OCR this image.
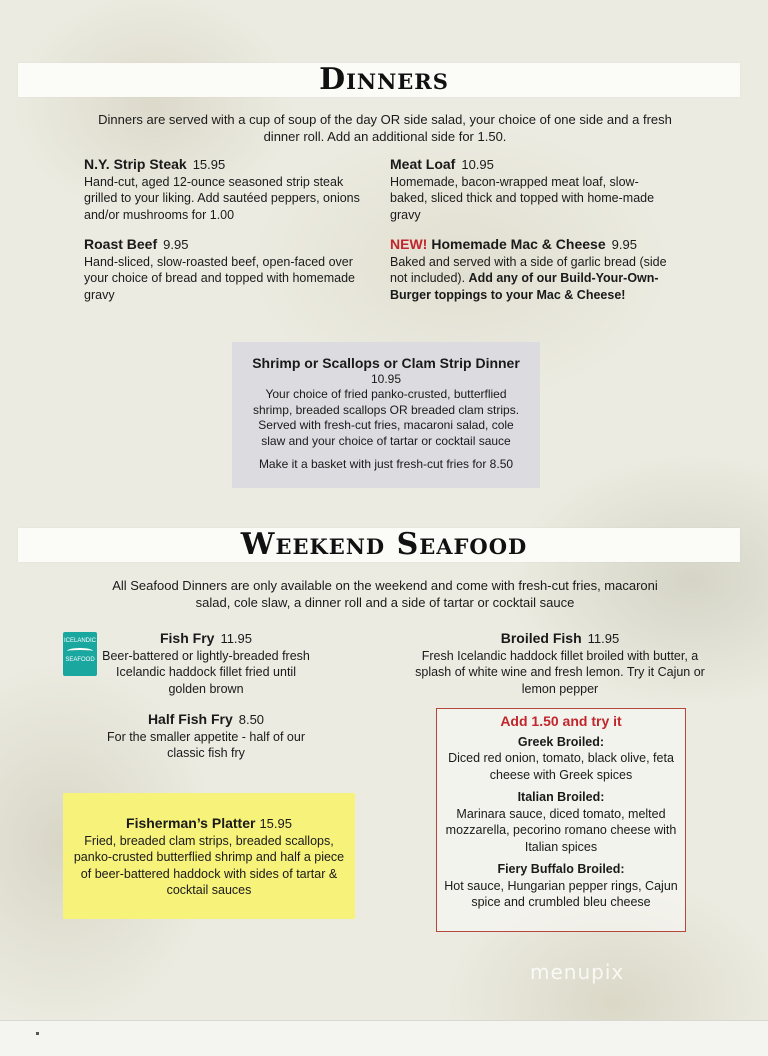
Dinners
Dinners are served with a cup of soup of the day OR side salad, your choice of one side and a fresh dinner roll. Add an additional side for 1.50.
N.Y. Strip Steak 15.95
Hand-cut, aged 12-ounce seasoned strip steak grilled to your liking. Add sautéed peppers, onions and/or mushrooms for 1.00
Meat Loaf 10.95
Homemade, bacon-wrapped meat loaf, slow-baked, sliced thick and topped with home-made gravy
Roast Beef 9.95
Hand-sliced, slow-roasted beef, open-faced over your choice of bread and topped with homemade gravy
NEW! Homemade Mac & Cheese 9.95
Baked and served with a side of garlic bread (side not included). Add any of our Build-Your-Own-Burger toppings to your Mac & Cheese!
Shrimp or Scallops or Clam Strip Dinner
10.95
Your choice of fried panko-crusted, butterflied shrimp, breaded scallops OR breaded clam strips. Served with fresh-cut fries, macaroni salad, cole slaw and your choice of tartar or cocktail sauce
Make it a basket with just fresh-cut fries for 8.50
Weekend Seafood
All Seafood Dinners are only available on the weekend and come with fresh-cut fries, macaroni salad, cole slaw, a dinner roll and a side of tartar or cocktail sauce
ICELANDIC
SEAFOOD
Fish Fry 11.95
Beer-battered or lightly-breaded fresh Icelandic haddock fillet fried until golden brown
Half Fish Fry 8.50
For the smaller appetite - half of our classic fish fry
Broiled Fish 11.95
Fresh Icelandic haddock fillet broiled with butter, a splash of white wine and fresh lemon. Try it Cajun or lemon pepper
Add 1.50 and try it
Greek Broiled:
Diced red onion, tomato, black olive, feta cheese with Greek spices
Italian Broiled:
Marinara sauce, diced tomato, melted mozzarella, pecorino romano cheese with Italian spices
Fiery Buffalo Broiled:
Hot sauce, Hungarian pepper rings, Cajun spice and crumbled bleu cheese
Fisherman’s Platter 15.95
Fried, breaded clam strips, breaded scallops, panko-crusted butterflied shrimp and half a piece of beer-battered haddock with sides of tartar & cocktail sauces
menupix
